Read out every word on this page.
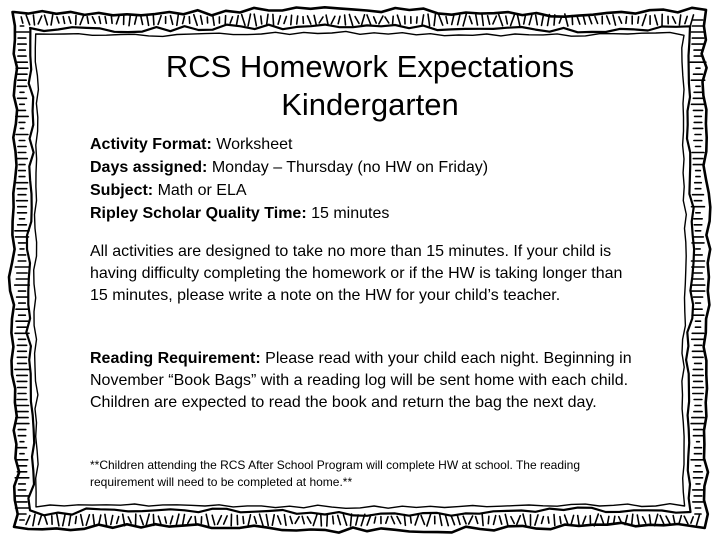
RCS Homework Expectations
Kindergarten
Activity Format: Worksheet
Days assigned: Monday – Thursday (no HW on Friday)
Subject: Math or ELA
Ripley Scholar Quality Time: 15 minutes

All activities are designed to take no more than 15 minutes. If your child is having difficulty completing the homework or if the HW is taking longer than 15 minutes, please write a note on the HW for your child’s teacher.

Reading Requirement: Please read with your child each night. Beginning in November “Book Bags” with a reading log will be sent home with each child. Children are expected to read the book and return the bag the next day.

**Children attending the RCS After School Program will complete HW at school. The reading requirement will need to be completed at home.**
